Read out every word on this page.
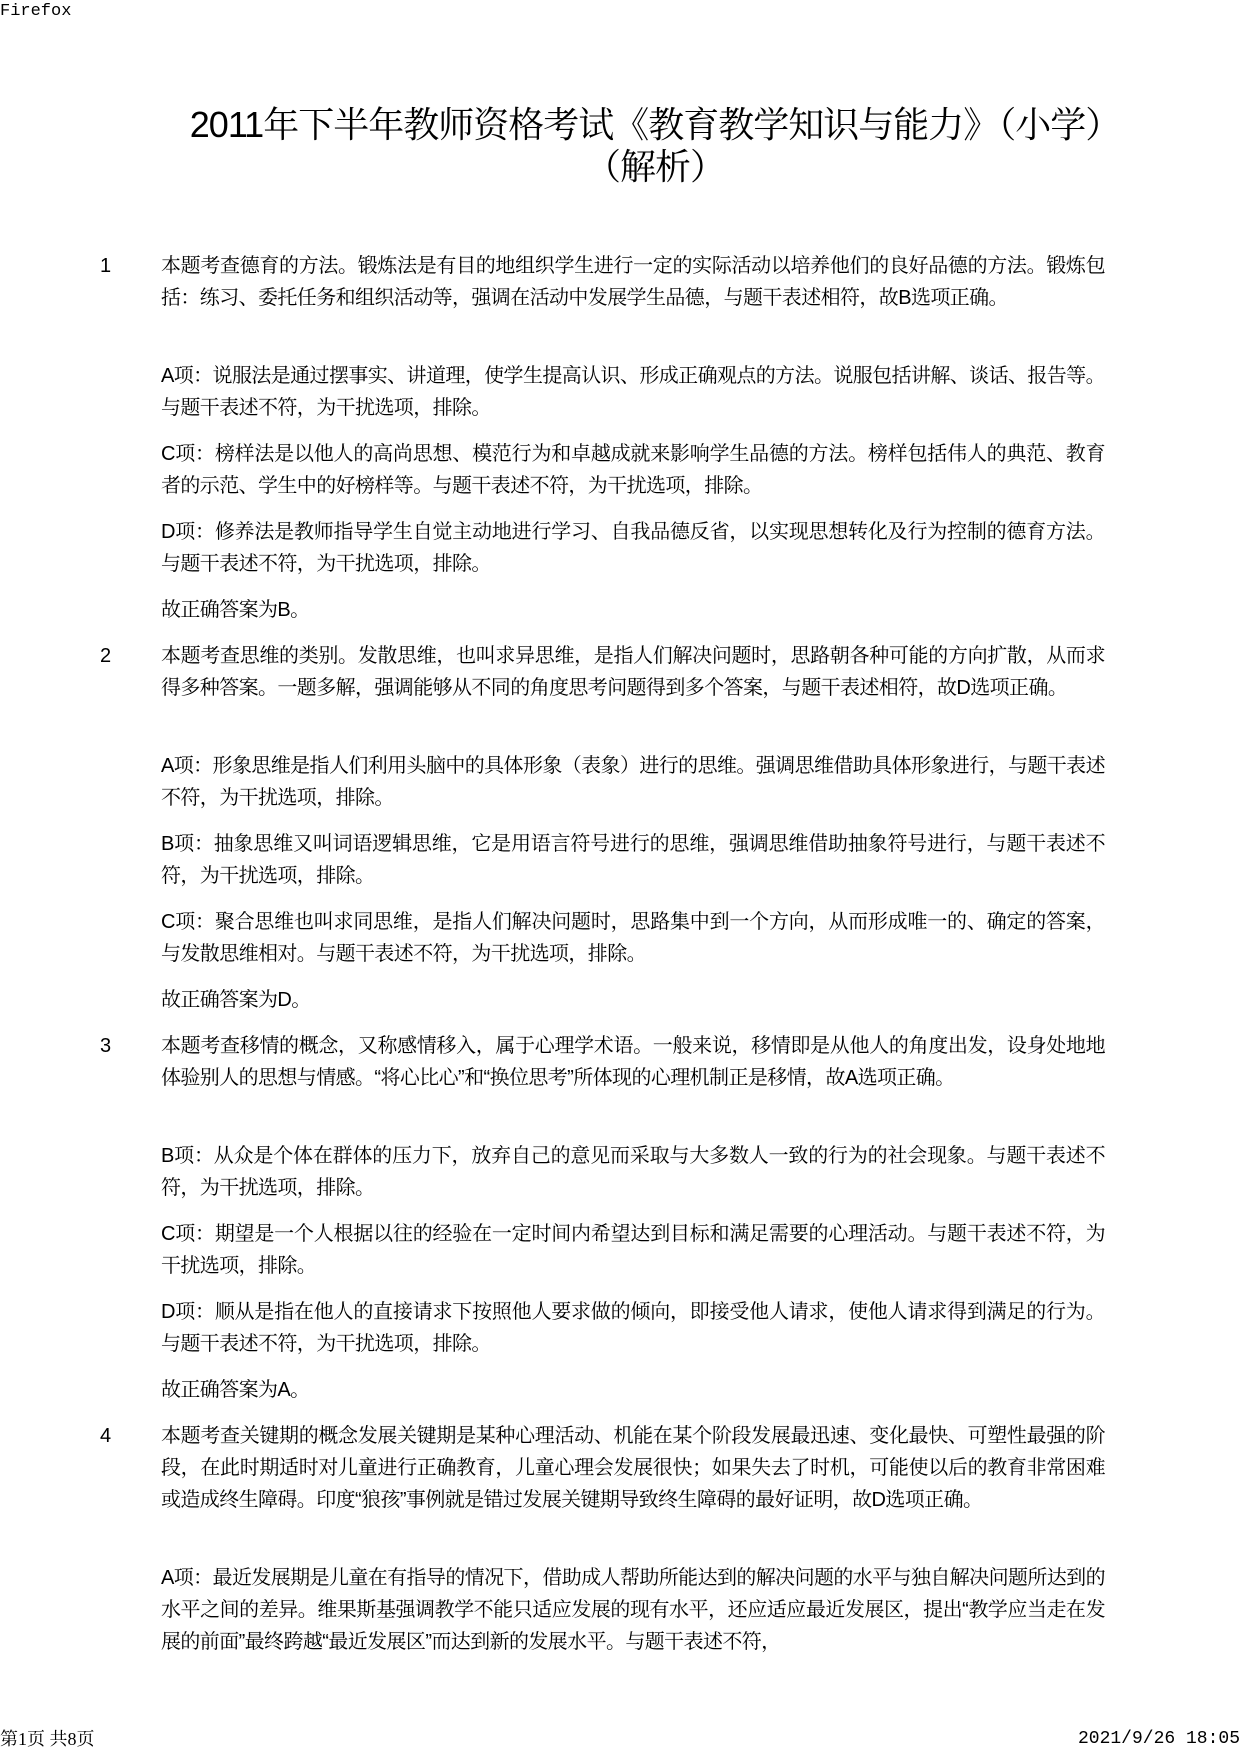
Firefox
2011年下半年教师资格考试《教育教学知识与能力》（小学）
（解析）
1 本题考查德育的方法。锻炼法是有目的地组织学生进行一定的实际活动以培养他们的良好品德的方法。锻炼包括：练习、委托任务和组织活动等，强调在活动中发展学生品德，与题干表述相符，故B选项正确。
A项：说服法是通过摆事实、讲道理，使学生提高认识、形成正确观点的方法。说服包括讲解、谈话、报告等。与题干表述不符，为干扰选项，排除。
C项：榜样法是以他人的高尚思想、模范行为和卓越成就来影响学生品德的方法。榜样包括伟人的典范、教育者的示范、学生中的好榜样等。与题干表述不符，为干扰选项，排除。
D项：修养法是教师指导学生自觉主动地进行学习、自我品德反省，以实现思想转化及行为控制的德育方法。与题干表述不符，为干扰选项，排除。
故正确答案为B。
2 本题考查思维的类别。发散思维，也叫求异思维，是指人们解决问题时，思路朝各种可能的方向扩散，从而求得多种答案。一题多解，强调能够从不同的角度思考问题得到多个答案，与题干表述相符，故D选项正确。
A项：形象思维是指人们利用头脑中的具体形象（表象）进行的思维。强调思维借助具体形象进行，与题干表述不符，为干扰选项，排除。
B项：抽象思维又叫词语逻辑思维，它是用语言符号进行的思维，强调思维借助抽象符号进行，与题干表述不符，为干扰选项，排除。
C项：聚合思维也叫求同思维，是指人们解决问题时，思路集中到一个方向，从而形成唯一的、确定的答案，与发散思维相对。与题干表述不符，为干扰选项，排除。
故正确答案为D。
3 本题考查移情的概念，又称感情移入，属于心理学术语。一般来说，移情即是从他人的角度出发，设身处地地体验别人的思想与情感。“将心比心”和“换位思考”所体现的心理机制正是移情，故A选项正确。
B项：从众是个体在群体的压力下，放弃自己的意见而采取与大多数人一致的行为的社会现象。与题干表述不符，为干扰选项，排除。
C项：期望是一个人根据以往的经验在一定时间内希望达到目标和满足需要的心理活动。与题干表述不符，为干扰选项，排除。
D项：顺从是指在他人的直接请求下按照他人要求做的倾向，即接受他人请求，使他人请求得到满足的行为。与题干表述不符，为干扰选项，排除。
故正确答案为A。
4 本题考查关键期的概念发展关键期是某种心理活动、机能在某个阶段发展最迅速、变化最快、可塑性最强的阶段，在此时期适时对儿童进行正确教育，儿童心理会发展很快；如果失去了时机，可能使以后的教育非常困难或造成终生障碍。印度“狼孩”事例就是错过发展关键期导致终生障碍的最好证明，故D选项正确。
A项：最近发展期是儿童在有指导的情况下，借助成人帮助所能达到的解决问题的水平与独自解决问题所达到的水平之间的差异。维果斯基强调教学不能只适应发展的现有水平，还应适应最近发展区，提出“教学应当走在发展的前面”最终跨越“最近发展区”而达到新的发展水平。与题干表述不符，
第1页 共8页	2021/9/26 18:05
